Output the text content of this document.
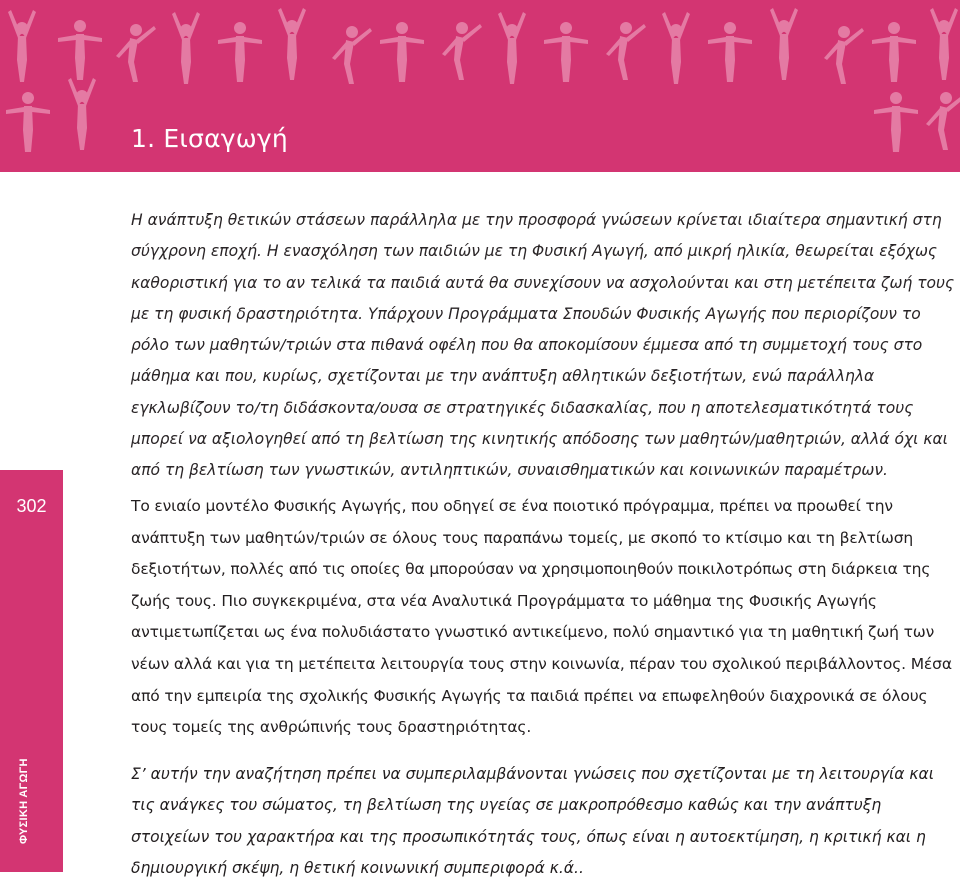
1. Εισαγωγή
302
ΦΥΣΙΚΗ ΑΓΩΓΗ
Η ανάπτυξη θετικών στάσεων παράλληλα με την προσφορά γνώσεων κρίνεται ιδιαίτερα σημαντική στη σύγχρονη εποχή. Η ενασχόληση των παιδιών με τη Φυσική Αγωγή, από μικρή ηλικία, θεωρείται εξόχως καθοριστική για το αν τελικά τα παιδιά αυτά θα συνεχίσουν να ασχολούνται και στη μετέπειτα ζωή τους με τη φυσική δραστηριότητα. Υπάρχουν Προγράμματα Σπουδών Φυσικής Αγωγής που περιορίζουν το ρόλο των μαθητών/τριών στα πιθανά οφέλη που θα αποκομίσουν έμμεσα από τη συμμετοχή τους στο μάθημα και που, κυρίως, σχετίζονται με την ανάπτυξη αθλητικών δεξιοτήτων, ενώ παράλληλα εγκλωβίζουν το/τη διδάσκοντα/ουσα σε στρατηγικές διδασκαλίας, που η αποτελεσματικότητά τους μπορεί να αξιολογηθεί από τη βελτίωση της κινητικής απόδοσης των μαθητών/μαθητριών, αλλά όχι και από τη βελτίωση των γνωστικών, αντιληπτικών, συναισθηματικών και κοινωνικών παραμέτρων.
Το ενιαίο μοντέλο Φυσικής Αγωγής, που οδηγεί σε ένα ποιοτικό πρόγραμμα, πρέπει να προωθεί την ανάπτυξη των μαθητών/τριών σε όλους τους παραπάνω τομείς, με σκοπό το κτίσιμο και τη βελτίωση δεξιοτήτων, πολλές από τις οποίες θα μπορούσαν να χρησιμοποιηθούν ποικιλοτρόπως στη διάρκεια της ζωής τους. Πιο συγκεκριμένα, στα νέα Αναλυτικά Προγράμματα το μάθημα της Φυσικής Αγωγής αντιμετωπίζεται ως ένα πολυδιάστατο γνωστικό αντικείμενο, πολύ σημαντικό για τη μαθητική ζωή των νέων αλλά και για τη μετέπειτα λειτουργία τους στην κοινωνία, πέραν του σχολικού περιβάλλοντος. Μέσα από την εμπειρία της σχολικής Φυσικής Αγωγής τα παιδιά πρέπει να επωφεληθούν διαχρονικά σε όλους τους τομείς της ανθρώπινής τους δραστηριότητας.
Σ’ αυτήν την αναζήτηση πρέπει να συμπεριλαμβάνονται γνώσεις που σχετίζονται με τη λειτουργία και τις ανάγκες του σώματος, τη βελτίωση της υγείας σε μακροπρόθεσμο καθώς και την ανάπτυξη στοιχείων του χαρακτήρα και της προσωπικότητάς τους, όπως είναι η αυτοεκτίμηση, η κριτική και η δημιουργική σκέψη, η θετική κοινωνική συμπεριφορά κ.ά..
